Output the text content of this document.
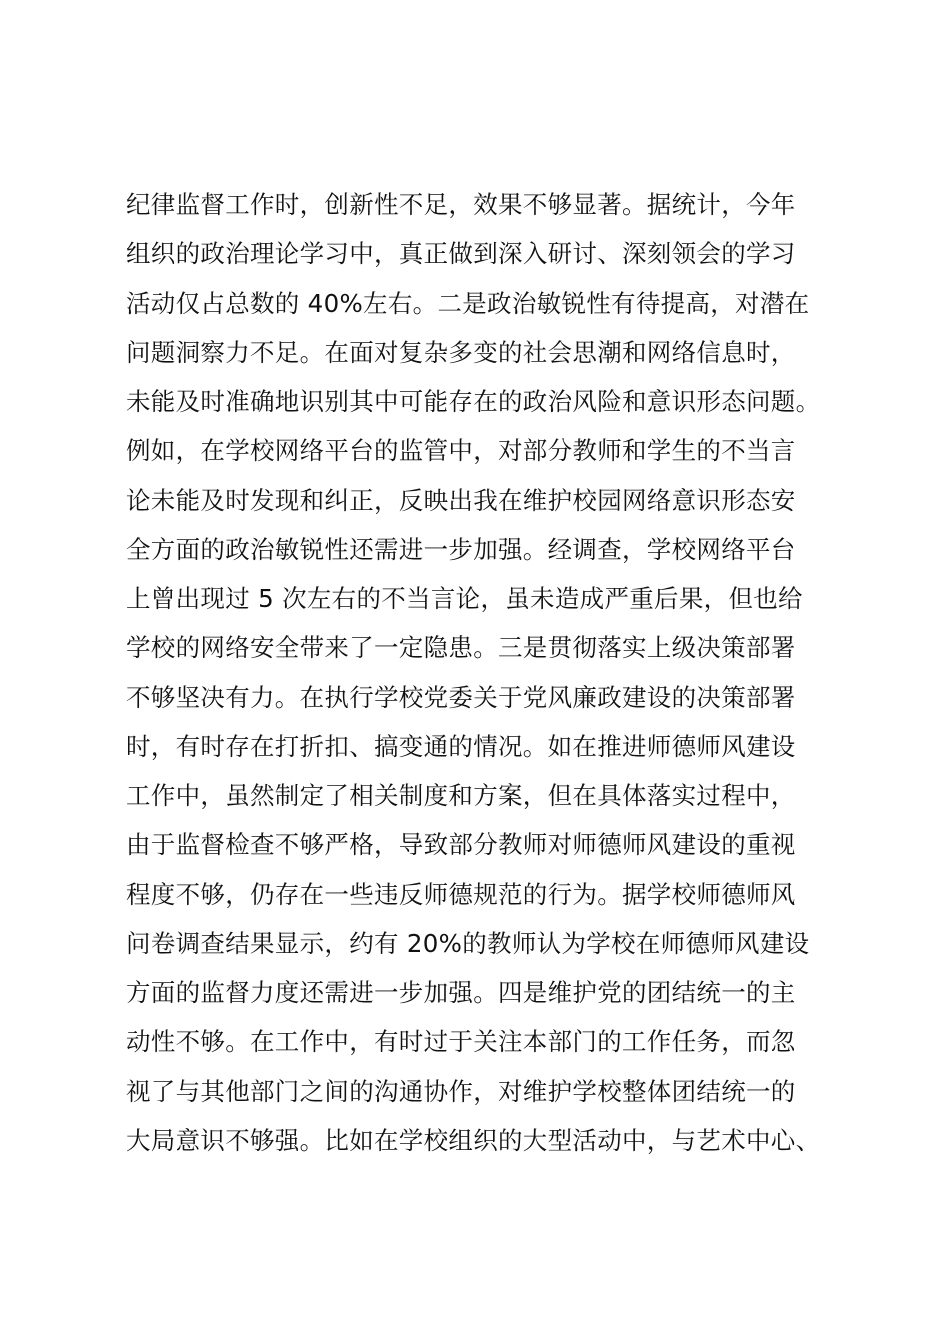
纪律监督工作时，创新性不足，效果不够显著。据统计，今年
组织的政治理论学习中，真正做到深入研讨、深刻领会的学习
活动仅占总数的 40%左右。二是政治敏锐性有待提高，对潜在
问题洞察力不足。在面对复杂多变的社会思潮和网络信息时，
未能及时准确地识别其中可能存在的政治风险和意识形态问题。
例如，在学校网络平台的监管中，对部分教师和学生的不当言
论未能及时发现和纠正，反映出我在维护校园网络意识形态安
全方面的政治敏锐性还需进一步加强。经调查，学校网络平台
上曾出现过 5 次左右的不当言论，虽未造成严重后果，但也给
学校的网络安全带来了一定隐患。三是贯彻落实上级决策部署
不够坚决有力。在执行学校党委关于党风廉政建设的决策部署
时，有时存在打折扣、搞变通的情况。如在推进师德师风建设
工作中，虽然制定了相关制度和方案，但在具体落实过程中，
由于监督检查不够严格，导致部分教师对师德师风建设的重视
程度不够，仍存在一些违反师德规范的行为。据学校师德师风
问卷调查结果显示，约有 20%的教师认为学校在师德师风建设
方面的监督力度还需进一步加强。四是维护党的团结统一的主
动性不够。在工作中，有时过于关注本部门的工作任务，而忽
视了与其他部门之间的沟通协作，对维护学校整体团结统一的
大局意识不够强。比如在学校组织的大型活动中，与艺术中心、
